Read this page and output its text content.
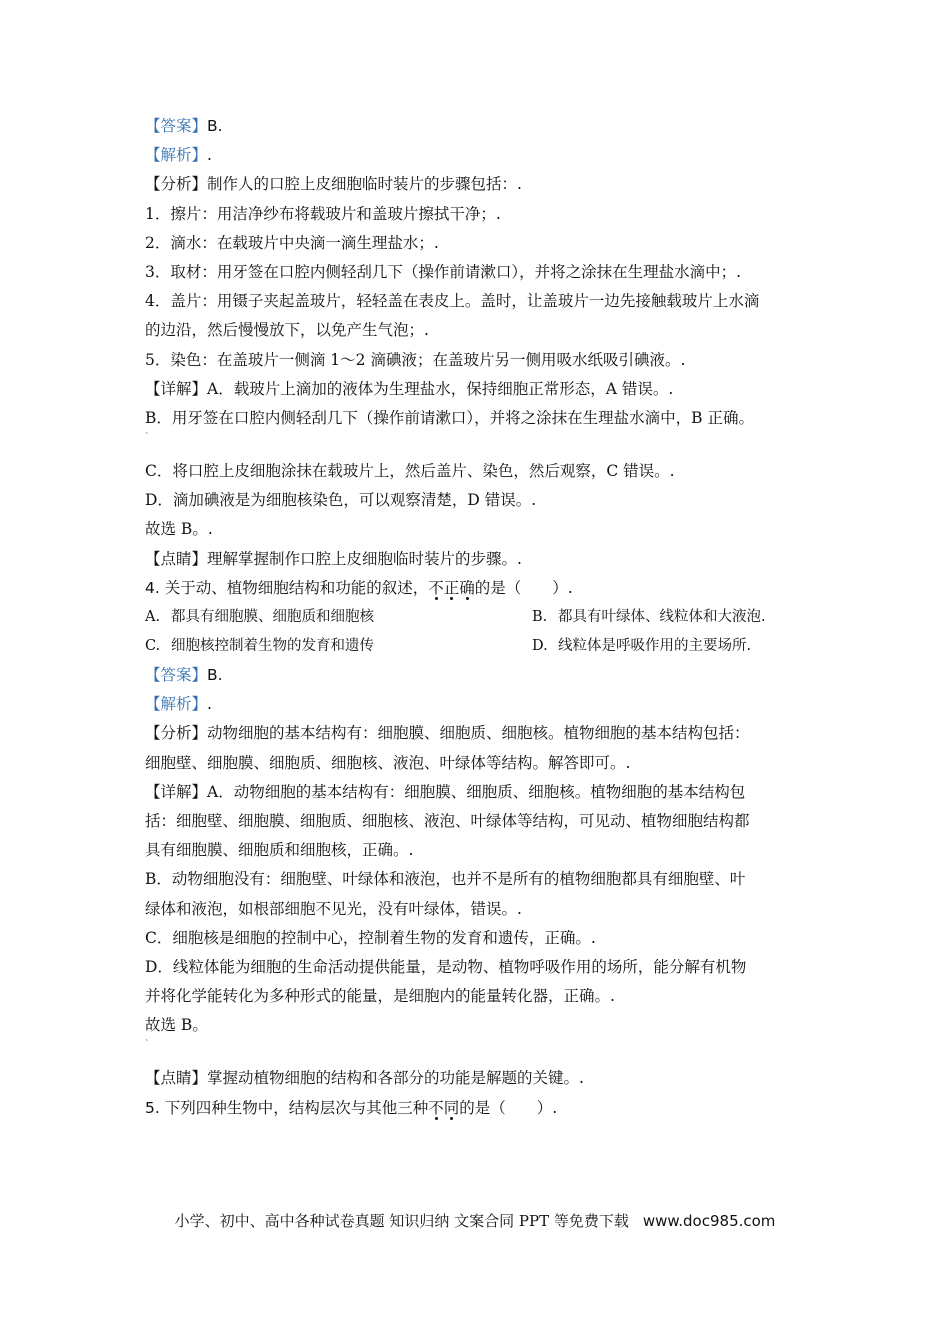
【答案】B.
【解析】.
【分析】制作人的口腔上皮细胞临时装片的步骤包括：.
1．擦片：用洁净纱布将载玻片和盖玻片擦拭干净；.
2．滴水：在载玻片中央滴一滴生理盐水；.
3．取材：用牙签在口腔内侧轻刮几下（操作前请漱口），并将之涂抹在生理盐水滴中；.
4．盖片：用镊子夹起盖玻片，轻轻盖在表皮上。盖时，让盖玻片一边先接触载玻片上水滴
的边沿，然后慢慢放下，以免产生气泡；.
5．染色：在盖玻片一侧滴 1～2 滴碘液；在盖玻片另一侧用吸水纸吸引碘液。.
【详解】A．载玻片上滴加的液体为生理盐水，保持细胞正常形态，A 错误。.
B．用牙签在口腔内侧轻刮几下（操作前请漱口），并将之涂抹在生理盐水滴中，B 正确。
`
C．将口腔上皮细胞涂抹在载玻片上，然后盖片、染色，然后观察，C 错误。.
D．滴加碘液是为细胞核染色，可以观察清楚，D 错误。.
故选 B。.
【点睛】理解掌握制作口腔上皮细胞临时装片的步骤。.
4. 关于动、植物细胞结构和功能的叙述，不正确的是（　　）.
A. 都具有细胞膜、细胞质和细胞核	B. 都具有叶绿体、线粒体和大液泡.
C. 细胞核控制着生物的发育和遗传	D. 线粒体是呼吸作用的主要场所.
【答案】B.
【解析】.
【分析】动物细胞的基本结构有：细胞膜、细胞质、细胞核。植物细胞的基本结构包括：
细胞壁、细胞膜、细胞质、细胞核、液泡、叶绿体等结构。解答即可。.
【详解】A．动物细胞的基本结构有：细胞膜、细胞质、细胞核。植物细胞的基本结构包
括：细胞壁、细胞膜、细胞质、细胞核、液泡、叶绿体等结构，可见动、植物细胞结构都
具有细胞膜、细胞质和细胞核，正确。.
B．动物细胞没有：细胞壁、叶绿体和液泡，也并不是所有的植物细胞都具有细胞壁、叶
绿体和液泡，如根部细胞不见光，没有叶绿体，错误。.
C．细胞核是细胞的控制中心，控制着生物的发育和遗传，正确。.
D．线粒体能为细胞的生命活动提供能量，是动物、植物呼吸作用的场所，能分解有机物
并将化学能转化为多种形式的能量，是细胞内的能量转化器，正确。.
故选 B。
`
【点睛】掌握动植物细胞的结构和各部分的功能是解题的关键。.
5. 下列四种生物中，结构层次与其他三种不同的是（　　）.
小学、初中、高中各种试卷真题 知识归纳 文案合同 PPT 等免费下载 www.doc985.com
